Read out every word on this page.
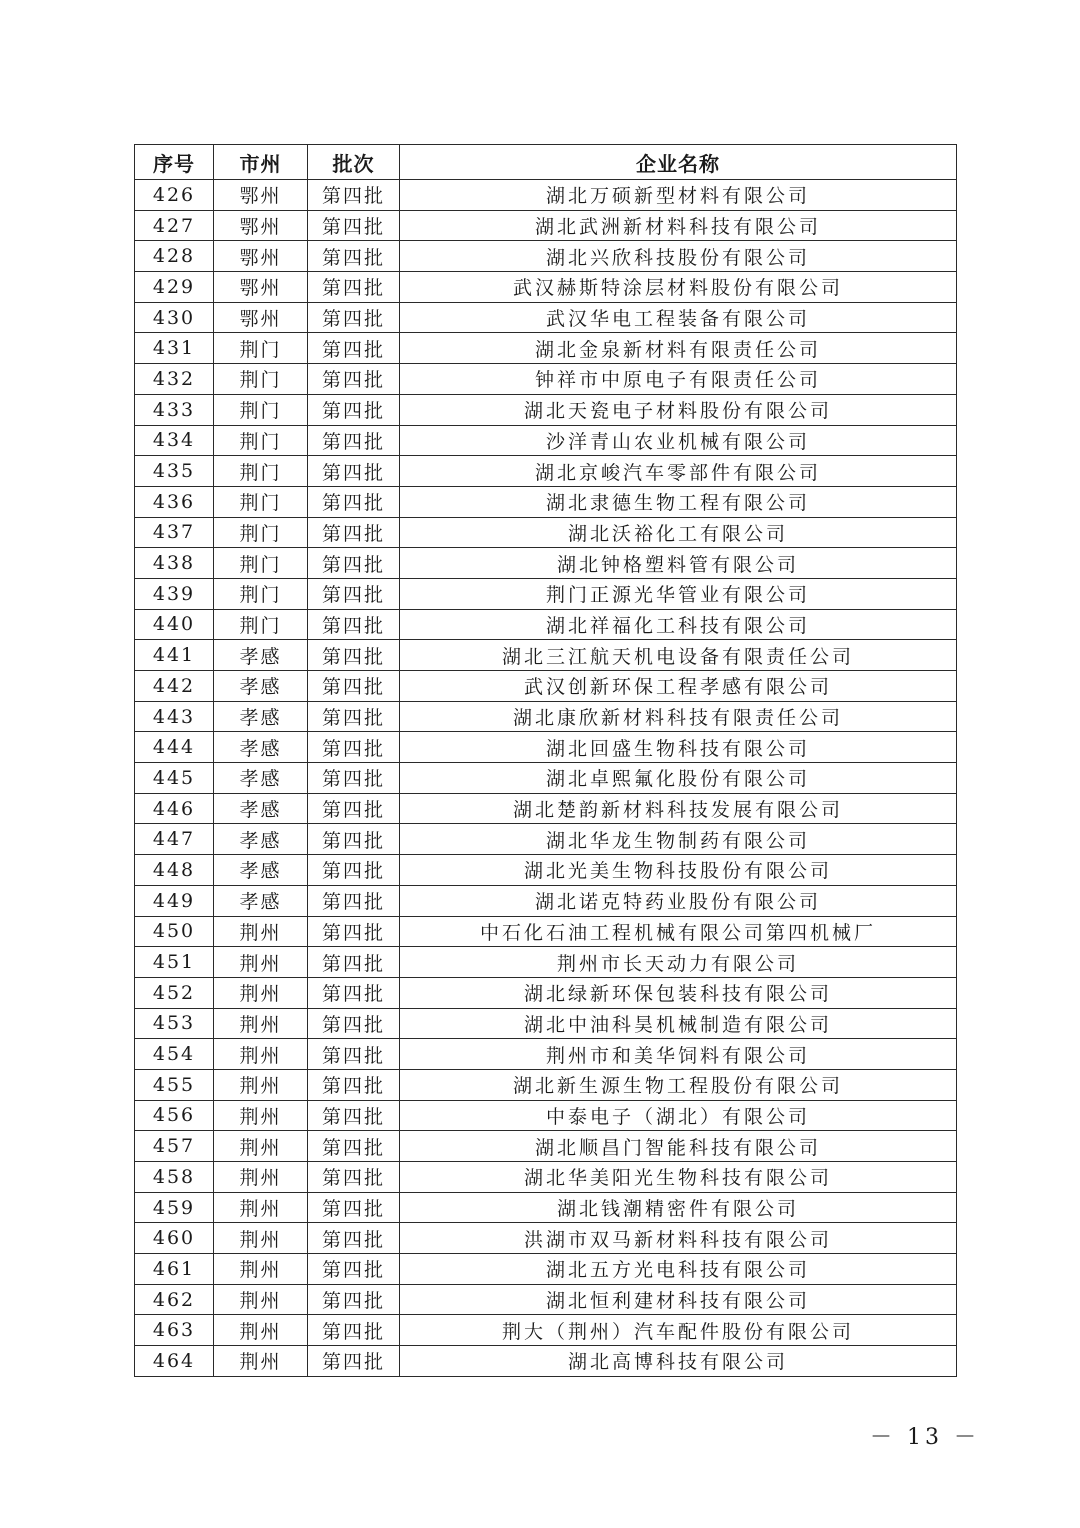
序号	市州	批次	企业名称
426	鄂州	第四批	湖北万硕新型材料有限公司
427	鄂州	第四批	湖北武洲新材料科技有限公司
428	鄂州	第四批	湖北兴欣科技股份有限公司
429	鄂州	第四批	武汉赫斯特涂层材料股份有限公司
430	鄂州	第四批	武汉华电工程装备有限公司
431	荆门	第四批	湖北金泉新材料有限责任公司
432	荆门	第四批	钟祥市中原电子有限责任公司
433	荆门	第四批	湖北天瓷电子材料股份有限公司
434	荆门	第四批	沙洋青山农业机械有限公司
435	荆门	第四批	湖北京峻汽车零部件有限公司
436	荆门	第四批	湖北隶德生物工程有限公司
437	荆门	第四批	湖北沃裕化工有限公司
438	荆门	第四批	湖北钟格塑料管有限公司
439	荆门	第四批	荆门正源光华管业有限公司
440	荆门	第四批	湖北祥福化工科技有限公司
441	孝感	第四批	湖北三江航天机电设备有限责任公司
442	孝感	第四批	武汉创新环保工程孝感有限公司
443	孝感	第四批	湖北康欣新材料科技有限责任公司
444	孝感	第四批	湖北回盛生物科技有限公司
445	孝感	第四批	湖北卓熙氟化股份有限公司
446	孝感	第四批	湖北楚韵新材料科技发展有限公司
447	孝感	第四批	湖北华龙生物制药有限公司
448	孝感	第四批	湖北光美生物科技股份有限公司
449	孝感	第四批	湖北诺克特药业股份有限公司
450	荆州	第四批	中石化石油工程机械有限公司第四机械厂
451	荆州	第四批	荆州市长天动力有限公司
452	荆州	第四批	湖北绿新环保包装科技有限公司
453	荆州	第四批	湖北中油科昊机械制造有限公司
454	荆州	第四批	荆州市和美华饲料有限公司
455	荆州	第四批	湖北新生源生物工程股份有限公司
456	荆州	第四批	中泰电子（湖北）有限公司
457	荆州	第四批	湖北顺昌门智能科技有限公司
458	荆州	第四批	湖北华美阳光生物科技有限公司
459	荆州	第四批	湖北钱潮精密件有限公司
460	荆州	第四批	洪湖市双马新材料科技有限公司
461	荆州	第四批	湖北五方光电科技有限公司
462	荆州	第四批	湖北恒利建材科技有限公司
463	荆州	第四批	荆大（荆州）汽车配件股份有限公司
464	荆州	第四批	湖北高博科技有限公司
－ 13 －
